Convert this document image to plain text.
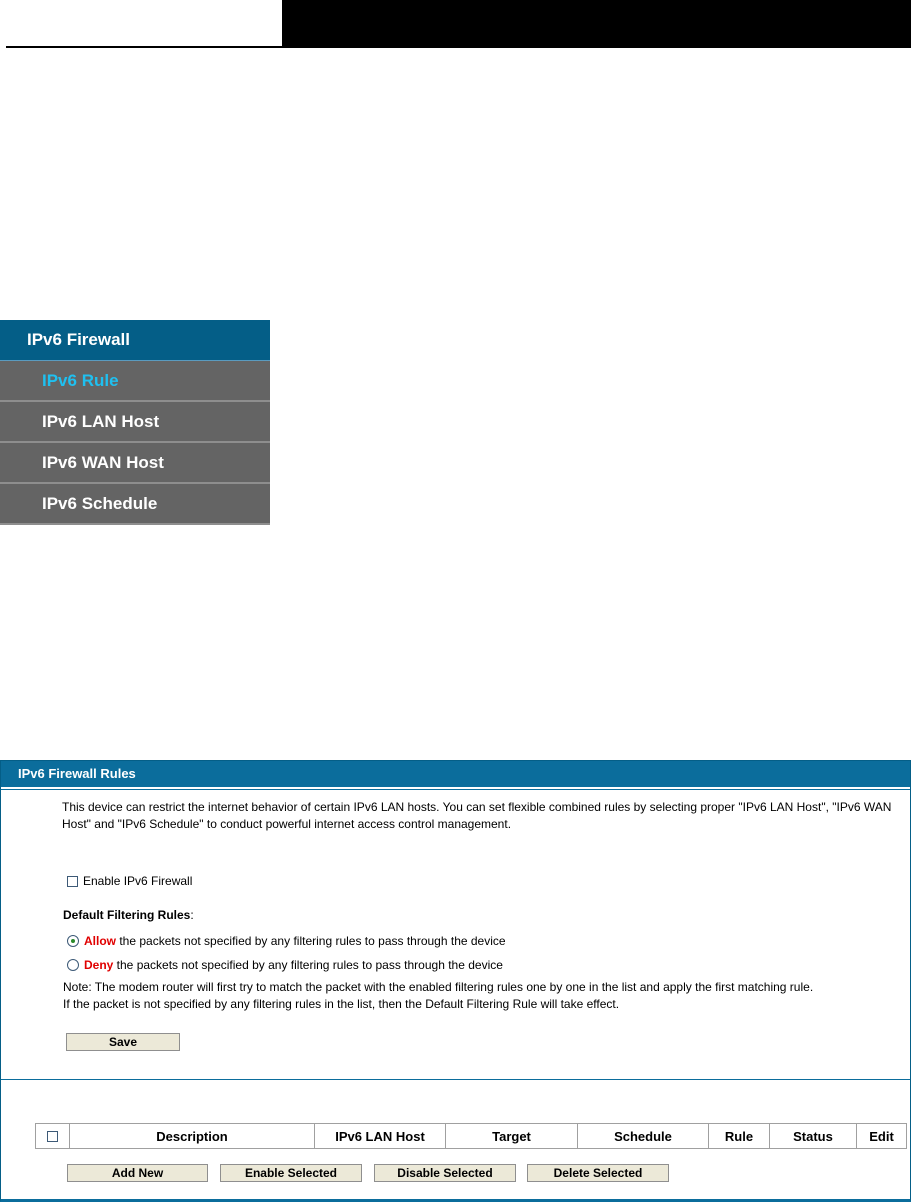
IPv6 Firewall
IPv6 Rule
IPv6 LAN Host
IPv6 WAN Host
IPv6 Schedule
IPv6 Firewall Rules
This device can restrict the internet behavior of certain IPv6 LAN hosts. You can set flexible combined rules by selecting proper "IPv6 LAN Host", "IPv6 WAN Host" and "IPv6 Schedule" to conduct powerful internet access control management.
Enable IPv6 Firewall
Default Filtering Rules:
Allow the packets not specified by any filtering rules to pass through the device
Deny the packets not specified by any filtering rules to pass through the device
Note: The modem router will first try to match the packet with the enabled filtering rules one by one in the list and apply the first matching rule.
If the packet is not specified by any filtering rules in the list, then the Default Filtering Rule will take effect.
Save
	Description	IPv6 LAN Host	Target	Schedule	Rule	Status	Edit
Add New	Enable Selected	Disable Selected	Delete Selected
